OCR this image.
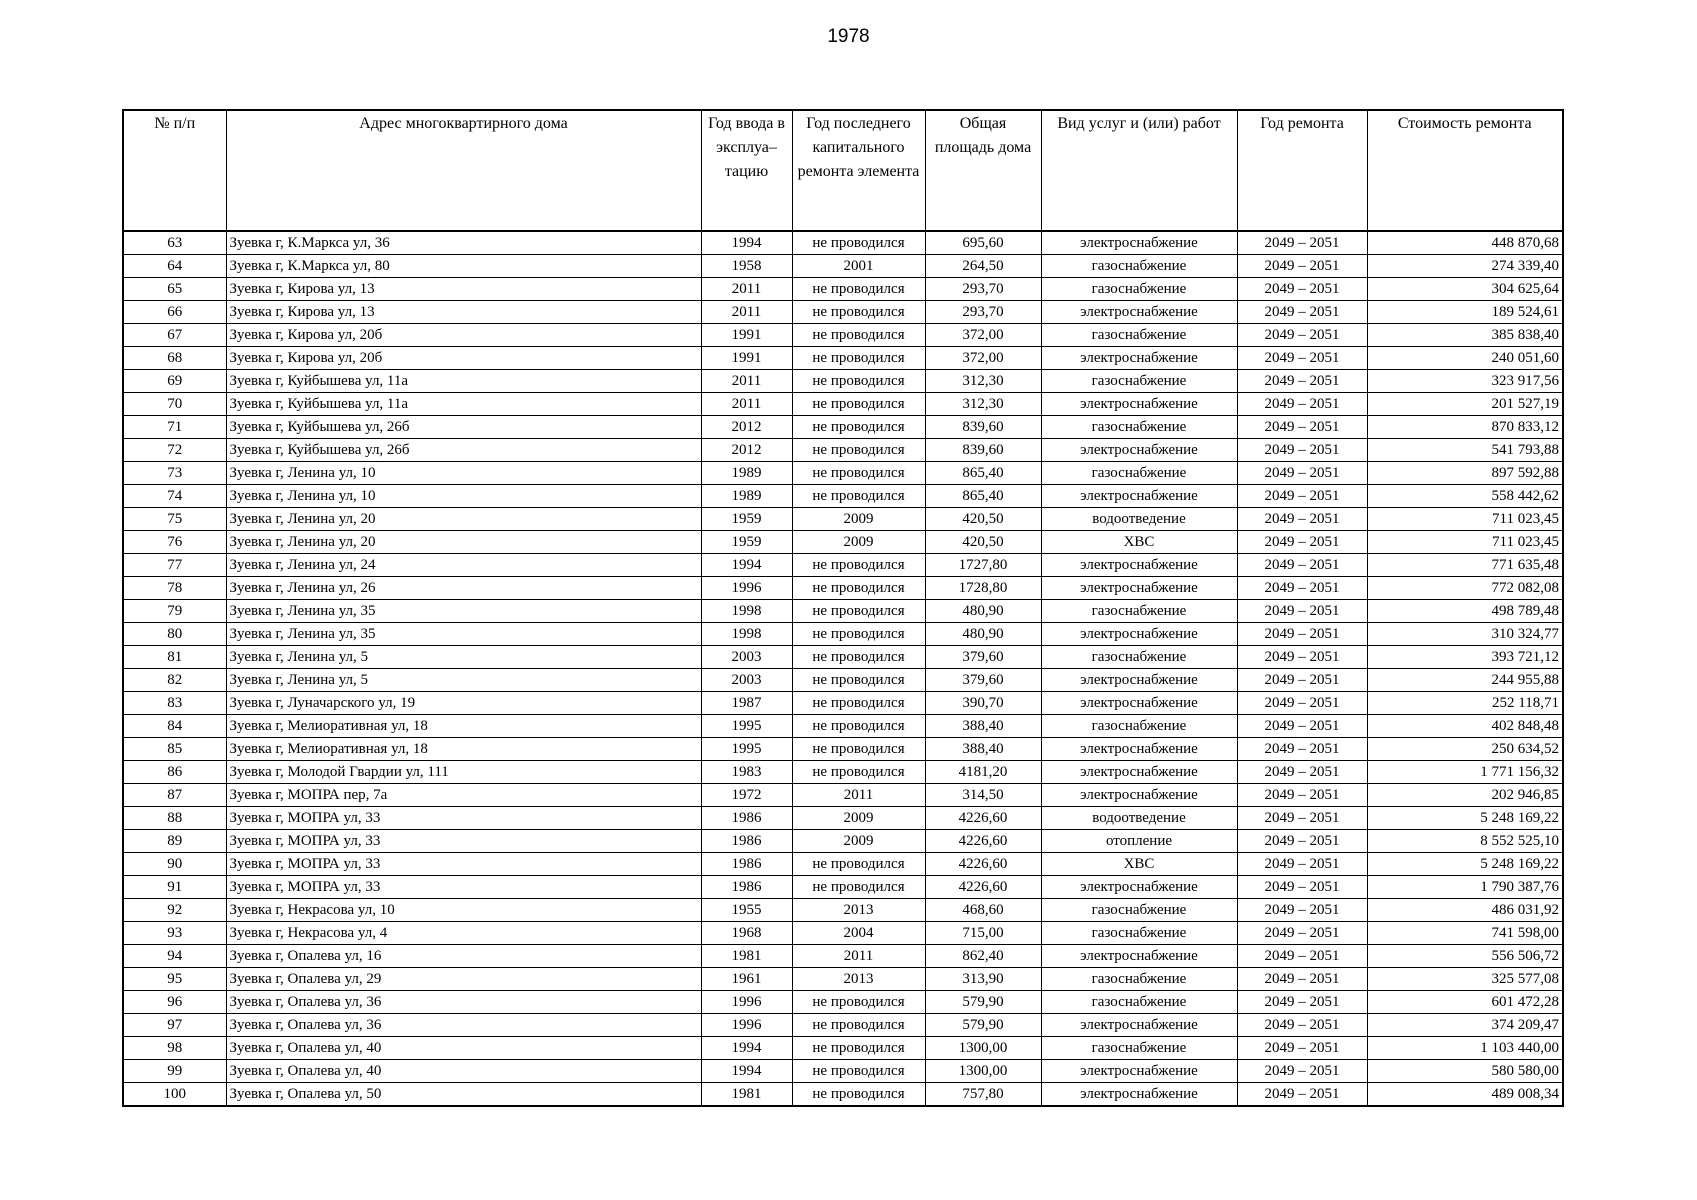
1978
№ п/п	Адрес многоквартирного дома	Год ввода в эксплуа–тацию	Год последнего капитального ремонта элемента	Общая площадь дома	Вид услуг и (или) работ	Год ремонта	Стоимость ремонта
63	Зуевка г, К.Маркса ул, 36	1994	не проводился	695,60	электроснабжение	2049 – 2051	448 870,68
64	Зуевка г, К.Маркса ул, 80	1958	2001	264,50	газоснабжение	2049 – 2051	274 339,40
65	Зуевка г, Кирова ул, 13	2011	не проводился	293,70	газоснабжение	2049 – 2051	304 625,64
66	Зуевка г, Кирова ул, 13	2011	не проводился	293,70	электроснабжение	2049 – 2051	189 524,61
67	Зуевка г, Кирова ул, 20б	1991	не проводился	372,00	газоснабжение	2049 – 2051	385 838,40
68	Зуевка г, Кирова ул, 20б	1991	не проводился	372,00	электроснабжение	2049 – 2051	240 051,60
69	Зуевка г, Куйбышева ул, 11а	2011	не проводился	312,30	газоснабжение	2049 – 2051	323 917,56
70	Зуевка г, Куйбышева ул, 11а	2011	не проводился	312,30	электроснабжение	2049 – 2051	201 527,19
71	Зуевка г, Куйбышева ул, 26б	2012	не проводился	839,60	газоснабжение	2049 – 2051	870 833,12
72	Зуевка г, Куйбышева ул, 26б	2012	не проводился	839,60	электроснабжение	2049 – 2051	541 793,88
73	Зуевка г, Ленина ул, 10	1989	не проводился	865,40	газоснабжение	2049 – 2051	897 592,88
74	Зуевка г, Ленина ул, 10	1989	не проводился	865,40	электроснабжение	2049 – 2051	558 442,62
75	Зуевка г, Ленина ул, 20	1959	2009	420,50	водоотведение	2049 – 2051	711 023,45
76	Зуевка г, Ленина ул, 20	1959	2009	420,50	ХВС	2049 – 2051	711 023,45
77	Зуевка г, Ленина ул, 24	1994	не проводился	1727,80	электроснабжение	2049 – 2051	771 635,48
78	Зуевка г, Ленина ул, 26	1996	не проводился	1728,80	электроснабжение	2049 – 2051	772 082,08
79	Зуевка г, Ленина ул, 35	1998	не проводился	480,90	газоснабжение	2049 – 2051	498 789,48
80	Зуевка г, Ленина ул, 35	1998	не проводился	480,90	электроснабжение	2049 – 2051	310 324,77
81	Зуевка г, Ленина ул, 5	2003	не проводился	379,60	газоснабжение	2049 – 2051	393 721,12
82	Зуевка г, Ленина ул, 5	2003	не проводился	379,60	электроснабжение	2049 – 2051	244 955,88
83	Зуевка г, Луначарского ул, 19	1987	не проводился	390,70	электроснабжение	2049 – 2051	252 118,71
84	Зуевка г, Мелиоративная ул, 18	1995	не проводился	388,40	газоснабжение	2049 – 2051	402 848,48
85	Зуевка г, Мелиоративная ул, 18	1995	не проводился	388,40	электроснабжение	2049 – 2051	250 634,52
86	Зуевка г, Молодой Гвардии ул, 111	1983	не проводился	4181,20	электроснабжение	2049 – 2051	1 771 156,32
87	Зуевка г, МОПРА пер, 7а	1972	2011	314,50	электроснабжение	2049 – 2051	202 946,85
88	Зуевка г, МОПРА ул, 33	1986	2009	4226,60	водоотведение	2049 – 2051	5 248 169,22
89	Зуевка г, МОПРА ул, 33	1986	2009	4226,60	отопление	2049 – 2051	8 552 525,10
90	Зуевка г, МОПРА ул, 33	1986	не проводился	4226,60	ХВС	2049 – 2051	5 248 169,22
91	Зуевка г, МОПРА ул, 33	1986	не проводился	4226,60	электроснабжение	2049 – 2051	1 790 387,76
92	Зуевка г, Некрасова ул, 10	1955	2013	468,60	газоснабжение	2049 – 2051	486 031,92
93	Зуевка г, Некрасова ул, 4	1968	2004	715,00	газоснабжение	2049 – 2051	741 598,00
94	Зуевка г, Опалева ул, 16	1981	2011	862,40	электроснабжение	2049 – 2051	556 506,72
95	Зуевка г, Опалева ул, 29	1961	2013	313,90	газоснабжение	2049 – 2051	325 577,08
96	Зуевка г, Опалева ул, 36	1996	не проводился	579,90	газоснабжение	2049 – 2051	601 472,28
97	Зуевка г, Опалева ул, 36	1996	не проводился	579,90	электроснабжение	2049 – 2051	374 209,47
98	Зуевка г, Опалева ул, 40	1994	не проводился	1300,00	газоснабжение	2049 – 2051	1 103 440,00
99	Зуевка г, Опалева ул, 40	1994	не проводился	1300,00	электроснабжение	2049 – 2051	580 580,00
100	Зуевка г, Опалева ул, 50	1981	не проводился	757,80	электроснабжение	2049 – 2051	489 008,34
